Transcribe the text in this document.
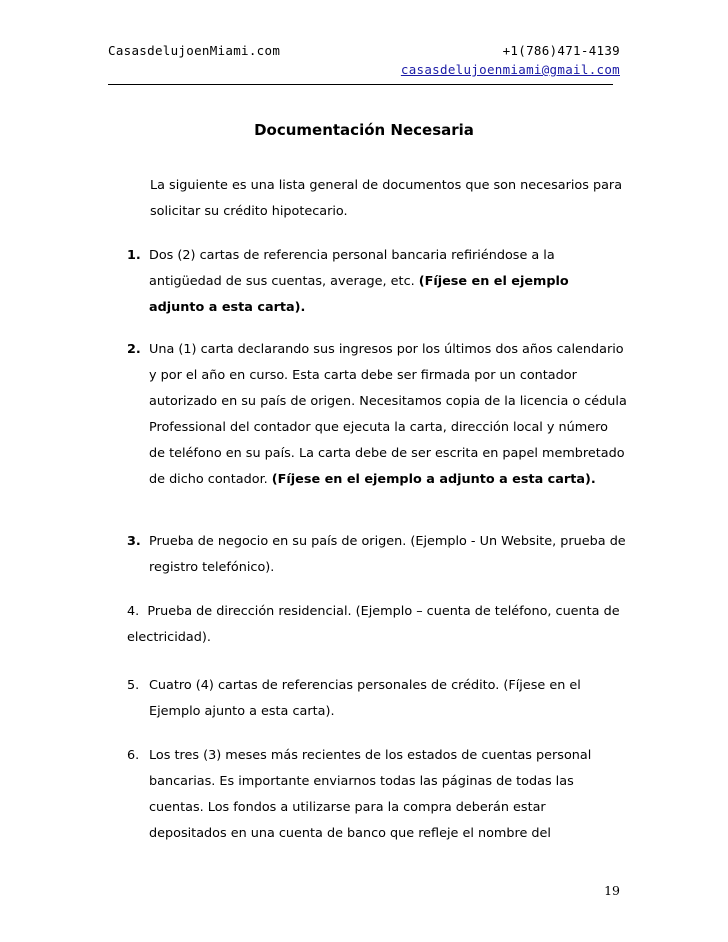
CasasdelujoenMiami.com	+1(786)471-4139
casasdelujoenmiami@gmail.com
Documentación Necesaria
La siguiente es una lista general de documentos que son necesarios para solicitar su crédito hipotecario.
1. Dos (2) cartas de referencia personal bancaria refiriéndose a la antigüedad de sus cuentas, average, etc. (Fíjese en el ejemplo adjunto a esta carta).
2. Una (1) carta declarando sus ingresos por los últimos dos años calendario y por el año en curso. Esta carta debe ser firmada por un contador autorizado en su país de origen. Necesitamos copia de la licencia o cédula Professional del contador que ejecuta la carta, dirección local y número de teléfono en su país. La carta debe de ser escrita en papel membretado de dicho contador. (Fíjese en el ejemplo a adjunto a esta carta).
3. Prueba de negocio en su país de origen. (Ejemplo - Un Website, prueba de registro telefónico).
4. Prueba de dirección residencial. (Ejemplo – cuenta de teléfono, cuenta de electricidad).
5. Cuatro (4) cartas de referencias personales de crédito. (Fíjese en el Ejemplo ajunto a esta carta).
6. Los tres (3) meses más recientes de los estados de cuentas personal bancarias. Es importante enviarnos todas las páginas de todas las cuentas. Los fondos a utilizarse para la compra deberán estar depositados en una cuenta de banco que refleje el nombre del
19
